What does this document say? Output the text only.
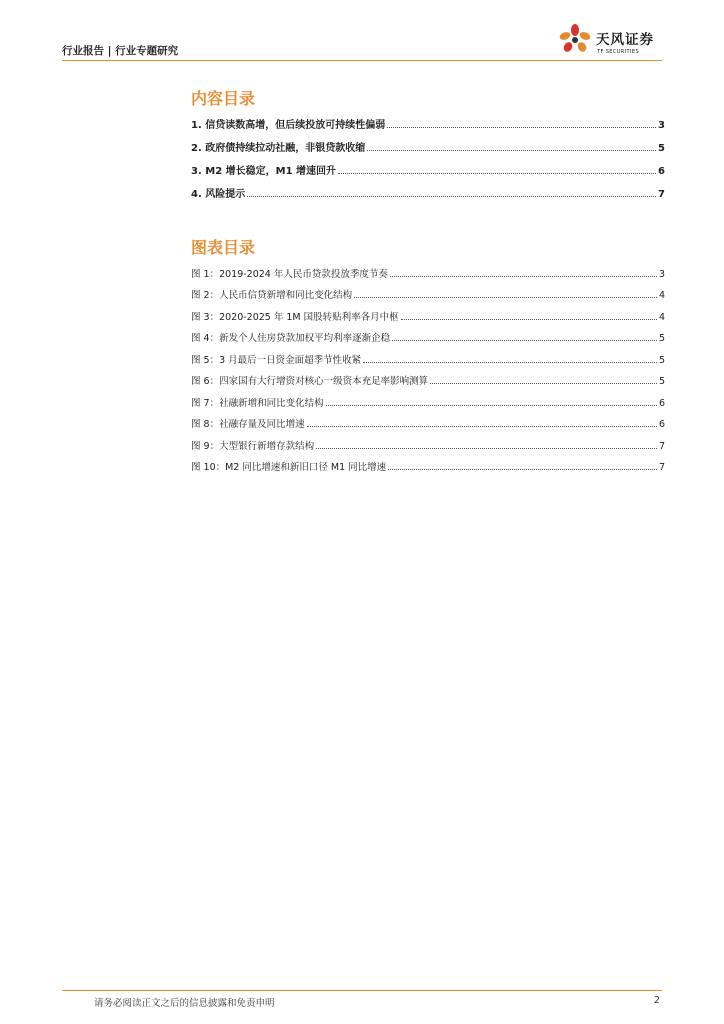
行业报告 | 行业专题研究
天风证券
TF SECURITIES
内容目录
1. 信贷读数高增，但后续投放可持续性偏弱	3
2. 政府债持续拉动社融，非银贷款收缩	5
3. M2 增长稳定，M1 增速回升	6
4. 风险提示	7
图表目录
图 1：2019-2024 年人民币贷款投放季度节奏	3
图 2：人民币信贷新增和同比变化结构	4
图 3：2020-2025 年 1M 国股转贴利率各月中枢	4
图 4：新发个人住房贷款加权平均利率逐渐企稳	5
图 5：3 月最后一日资金面超季节性收紧	5
图 6：四家国有大行增资对核心一级资本充足率影响测算	5
图 7：社融新增和同比变化结构	6
图 8：社融存量及同比增速	6
图 9：大型银行新增存款结构	7
图 10：M2 同比增速和新旧口径 M1 同比增速	7
请务必阅读正文之后的信息披露和免责申明	2
